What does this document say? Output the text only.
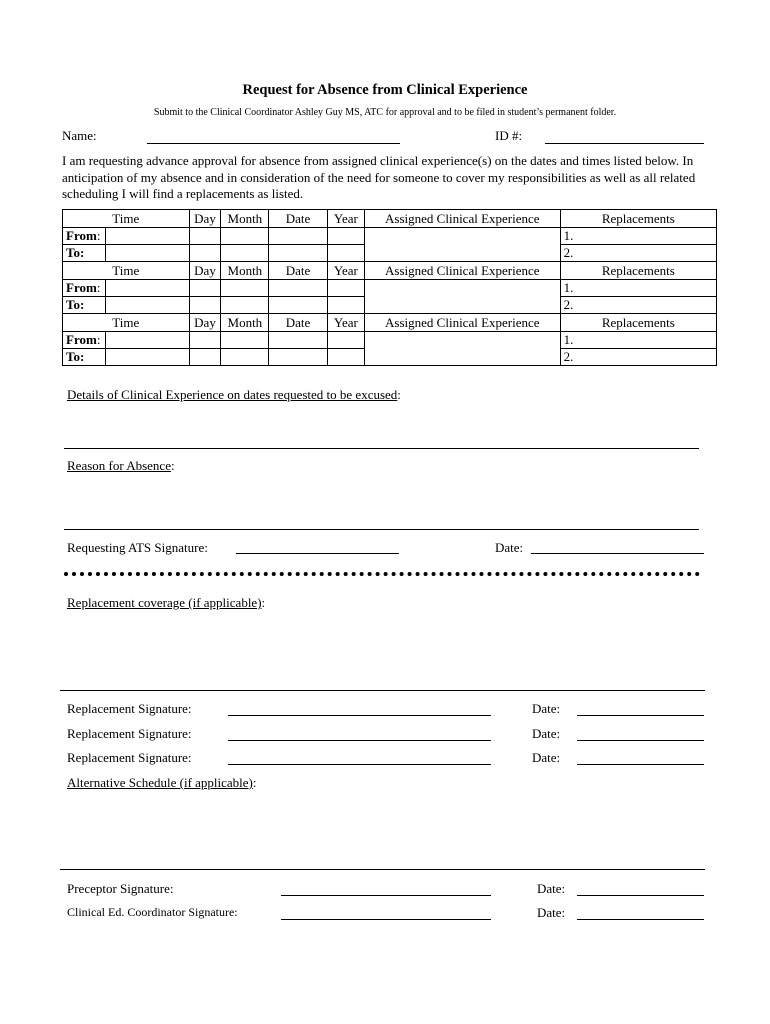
Request for Absence from Clinical Experience
Submit to the Clinical Coordinator Ashley Guy MS, ATC for approval and to be filed in student’s permanent folder.
Name:	ID #:
I am requesting advance approval for absence from assigned clinical experience(s) on the dates and times listed below. In anticipation of my absence and in consideration of the need for someone to cover my responsibilities as well as all related scheduling I will find a replacements as listed.
Time		Day	Month	Date	Year	Assigned Clinical Experience	Replacements
From:							1.
To:							2.
Time		Day	Month	Date	Year	Assigned Clinical Experience	Replacements
From:							1.
To:							2.
Time		Day	Month	Date	Year	Assigned Clinical Experience	Replacements
From:							1.
To:							2.
Details of Clinical Experience on dates requested to be excused:
Reason for Absence:
Requesting ATS Signature:	Date:
Replacement coverage (if applicable):
Replacement Signature:	Date:
Replacement Signature:	Date:
Replacement Signature:	Date:
Alternative Schedule (if applicable):
Preceptor Signature:	Date:
Clinical Ed. Coordinator Signature:	Date:
